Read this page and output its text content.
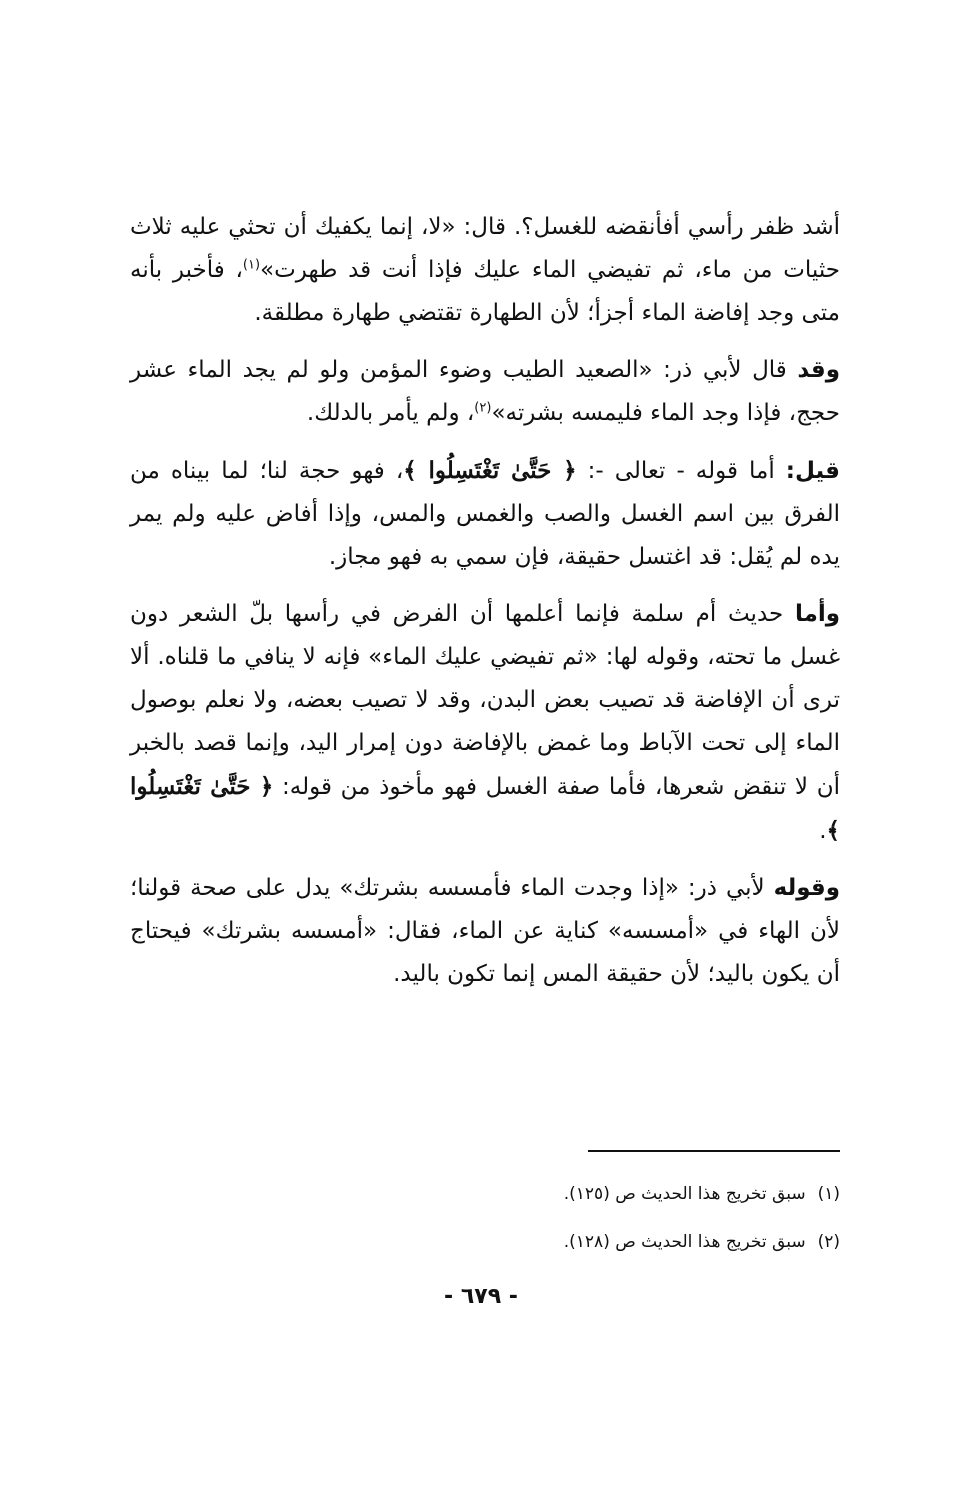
أشد ظفر رأسي أفأنقضه للغسل؟. قال: «لا، إنما يكفيك أن تحثي عليه ثلاث حثيات من ماء، ثم تفيضي الماء عليك فإذا أنت قد طهرت»$^{(١)}$، فأخبر بأنه متى وجد إفاضة الماء أجزأ؛ لأن الطهارة تقتضي طهارة مطلقة.

وقد قال لأبي ذر: «الصعيد الطيب وضوء المؤمن ولو لم يجد الماء عشر حجج، فإذا وجد الماء فليمسه بشرته»$^{(٢)}$، ولم يأمر بالدلك.

قيل: أما قوله - تعالى -: ﴿ حَتَّىٰ تَغْتَسِلُوا ﴾، فهو حجة لنا؛ لما بيناه من الفرق بين اسم الغسل والصب والغمس والمس، وإذا أفاض عليه ولم يمر يده لم يُقل: قد اغتسل حقيقة، فإن سمي به فهو مجاز.

وأما حديث أم سلمة فإنما أعلمها أن الفرض في رأسها بلّ الشعر دون غسل ما تحته، وقوله لها: «ثم تفيضي عليك الماء» فإنه لا ينافي ما قلناه. ألا ترى أن الإفاضة قد تصيب بعض البدن، وقد لا تصيب بعضه، ولا نعلم بوصول الماء إلى تحت الآباط وما غمض بالإفاضة دون إمرار اليد، وإنما قصد بالخبر أن لا تنقض شعرها، فأما صفة الغسل فهو مأخوذ من قوله: ﴿ حَتَّىٰ تَغْتَسِلُوا ﴾.

وقوله لأبي ذر: «إذا وجدت الماء فأمسسه بشرتك» يدل على صحة قولنا؛ لأن الهاء في «أمسسه» كناية عن الماء، فقال: «أمسسه بشرتك» فيحتاج أن يكون باليد؛ لأن حقيقة المس إنما تكون باليد.

(١)سبق تخريج هذا الحديث ص (١٢٥).

(٢)سبق تخريج هذا الحديث ص (١٢٨).

- ٦٧٩ -
